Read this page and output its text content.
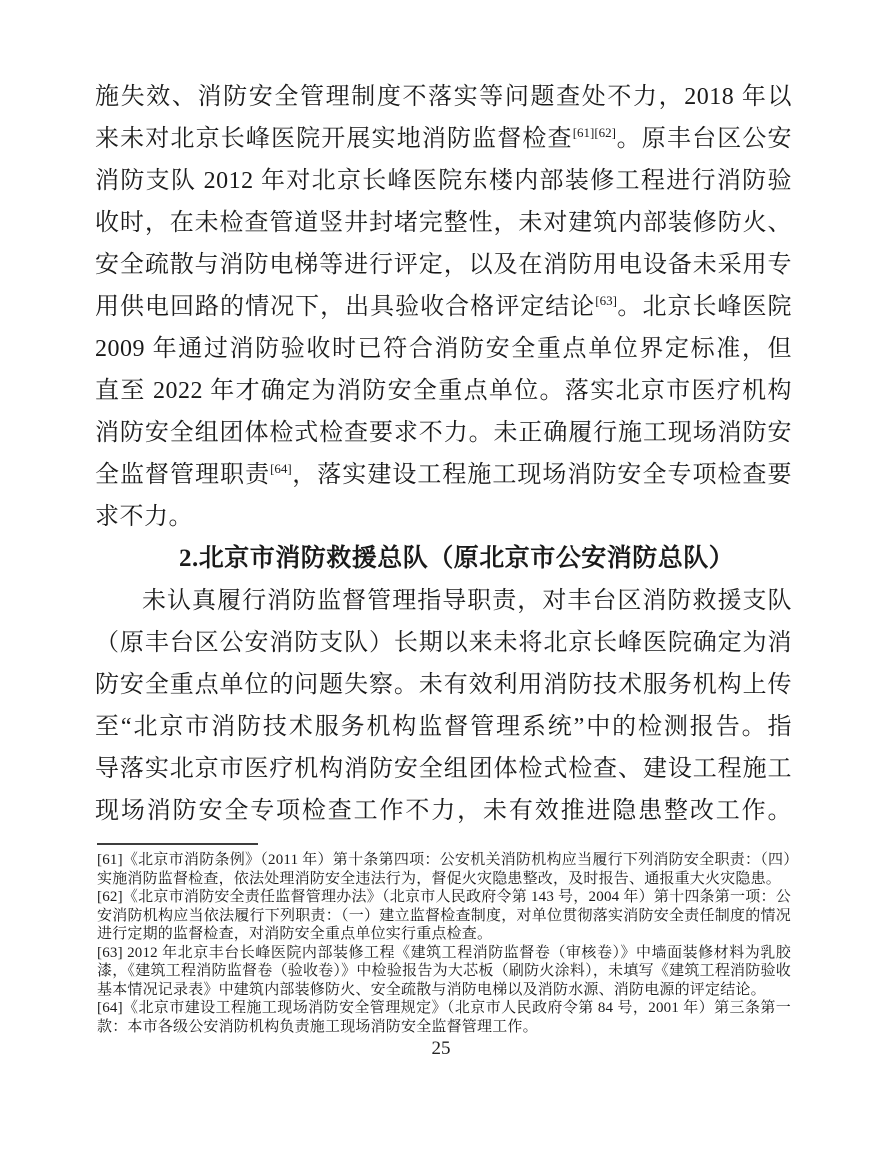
施失效、消防安全管理制度不落实等问题查处不力，2018 年以
来未对北京长峰医院开展实地消防监督检查[61][62]。原丰台区公安
消防支队 2012 年对北京长峰医院东楼内部装修工程进行消防验
收时，在未检查管道竖井封堵完整性，未对建筑内部装修防火、
安全疏散与消防电梯等进行评定，以及在消防用电设备未采用专
用供电回路的情况下，出具验收合格评定结论[63]。北京长峰医院
2009 年通过消防验收时已符合消防安全重点单位界定标准，但
直至 2022 年才确定为消防安全重点单位。落实北京市医疗机构
消防安全组团体检式检查要求不力。未正确履行施工现场消防安
全监督管理职责[64]，落实建设工程施工现场消防安全专项检查要
求不力。
2.北京市消防救援总队（原北京市公安消防总队）
未认真履行消防监督管理指导职责，对丰台区消防救援支队
（原丰台区公安消防支队）长期以来未将北京长峰医院确定为消
防安全重点单位的问题失察。未有效利用消防技术服务机构上传
至“北京市消防技术服务机构监督管理系统”中的检测报告。指
导落实北京市医疗机构消防安全组团体检式检查、建设工程施工
现场消防安全专项检查工作不力，未有效推进隐患整改工作。

[61]《北京市消防条例》（2011 年）第十条第四项：公安机关消防机构应当履行下列消防安全职责：（四）实施消防监督检查，依法处理消防安全违法行为，督促火灾隐患整改，及时报告、通报重大火灾隐患。

[62]《北京市消防安全责任监督管理办法》（北京市人民政府令第 143 号，2004 年）第十四条第一项：公安消防机构应当依法履行下列职责：（一）建立监督检查制度，对单位贯彻落实消防安全责任制度的情况进行定期的监督检查，对消防安全重点单位实行重点检查。

[63] 2012 年北京丰台长峰医院内部装修工程《建筑工程消防监督卷（审核卷）》中墙面装修材料为乳胶漆，《建筑工程消防监督卷（验收卷）》中检验报告为大芯板（刷防火涂料），未填写《建筑工程消防验收基本情况记录表》中建筑内部装修防火、安全疏散与消防电梯以及消防水源、消防电源的评定结论。

[64]《北京市建设工程施工现场消防安全管理规定》（北京市人民政府令第 84 号，2001 年）第三条第一款：本市各级公安消防机构负责施工现场消防安全监督管理工作。

25
